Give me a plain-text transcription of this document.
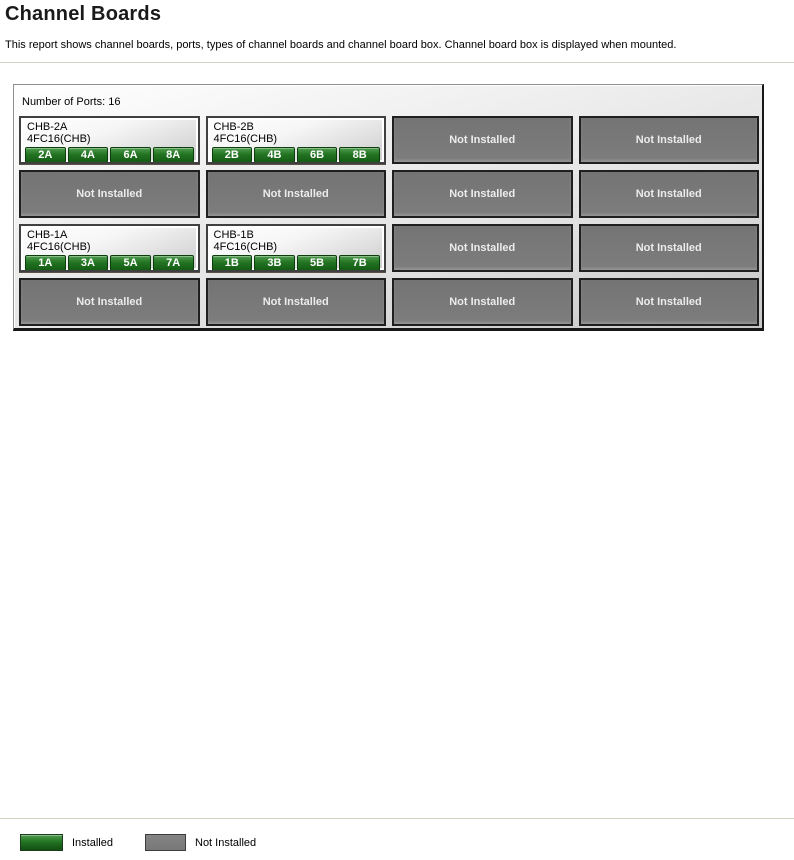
Channel Boards
This report shows channel boards, ports, types of channel boards and channel board box. Channel board box is displayed when mounted.
Number of Ports: 16
CHB-2A
4FC16(CHB)
2A	4A	6A	8A
CHB-2B
4FC16(CHB)
2B	4B	6B	8B
Not Installed	Not Installed
Not Installed	Not Installed	Not Installed	Not Installed
CHB-1A
4FC16(CHB)
1A	3A	5A	7A
CHB-1B
4FC16(CHB)
1B	3B	5B	7B
Not Installed	Not Installed
Not Installed	Not Installed	Not Installed	Not Installed
Installed	Not Installed
